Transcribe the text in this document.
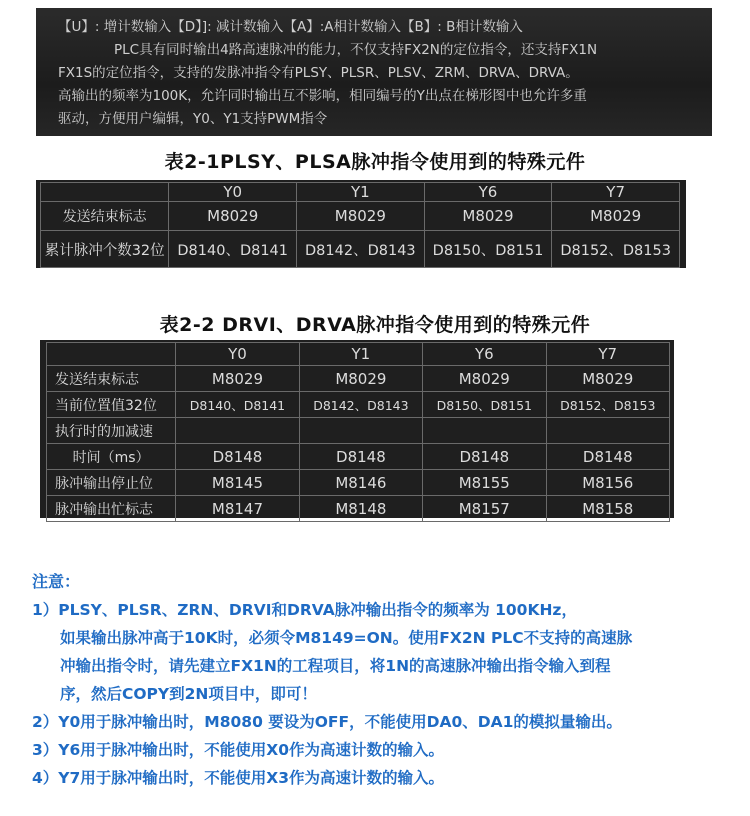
【U】: 增计数输入【D】]: 减计数输入【A】:A相计数输入【B】: B相计数输入
PLC具有同时输出4路高速脉冲的能力，不仅支持FX2N的定位指令，还支持FX1N
FX1S的定位指令，支持的发脉冲指令有PLSY、PLSR、PLSV、ZRM、DRVA、DRVA。
高输出的频率为100K，允许同时输出互不影响，相同编号的Y出点在梯形图中也允许多重
驱动，方便用户编辑，Y0、Y1支持PWM指令
表2-1PLSY、PLSA脉冲指令使用到的特殊元件
	Y0	Y1	Y6	Y7
发送结束标志	M8029	M8029	M8029	M8029
累计脉冲个数32位	D8140、D8141	D8142、D8143	D8150、D8151	D8152、D8153
表2-2 DRVI、DRVA脉冲指令使用到的特殊元件
	Y0	Y1	Y6	Y7
发送结束标志	M8029	M8029	M8029	M8029
当前位置值32位	D8140、D8141	D8142、D8143	D8150、D8151	D8152、D8153
执行时的加减速				
时间（ms）	D8148	D8148	D8148	D8148
脉冲输出停止位	M8145	M8146	M8155	M8156
脉冲输出忙标志	M8147	M8148	M8157	M8158
注意：
1）PLSY、PLSR、ZRN、DRVI和DRVA脉冲输出指令的频率为 100KHz，
如果输出脉冲高于10K时，必须令M8149=ON。使用FX2N PLC不支持的高速脉
冲输出指令时，请先建立FX1N的工程项目，将1N的高速脉冲输出指令输入到程
序，然后COPY到2N项目中，即可！
2）Y0用于脉冲输出时，M8080 要设为OFF，不能使用DA0、DA1的模拟量输出。
3）Y6用于脉冲输出时，不能使用X0作为高速计数的输入。
4）Y7用于脉冲输出时，不能使用X3作为高速计数的输入。
